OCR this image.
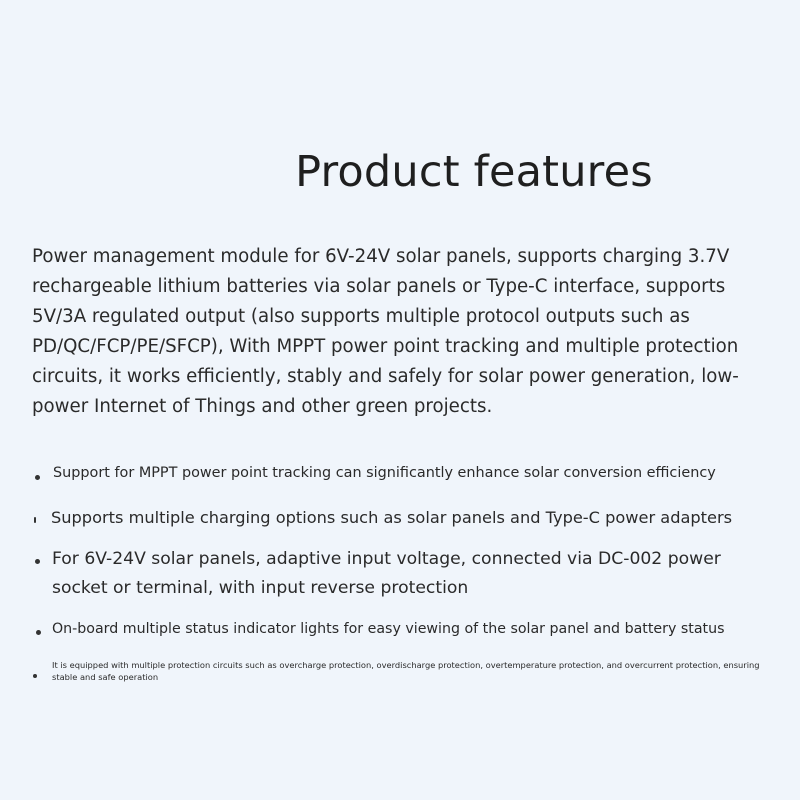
Product features

Power management module for 6V-24V solar panels, supports charging 3.7V rechargeable lithium batteries via solar panels or Type-C interface, supports 5V/3A regulated output (also supports multiple protocol outputs such as PD/QC/FCP/PE/SFCP), With MPPT power point tracking and multiple protection circuits, it works efficiently, stably and safely for solar power generation, low-power Internet of Things and other green projects.

Support for MPPT power point tracking can significantly enhance solar conversion efficiency
Supports multiple charging options such as solar panels and Type-C power adapters
For 6V-24V solar panels, adaptive input voltage, connected via DC-002 power socket or terminal, with input reverse protection
On-board multiple status indicator lights for easy viewing of the solar panel and battery status
It is equipped with multiple protection circuits such as overcharge protection, overdischarge protection, overtemperature protection, and overcurrent protection, ensuring stable and safe operation
